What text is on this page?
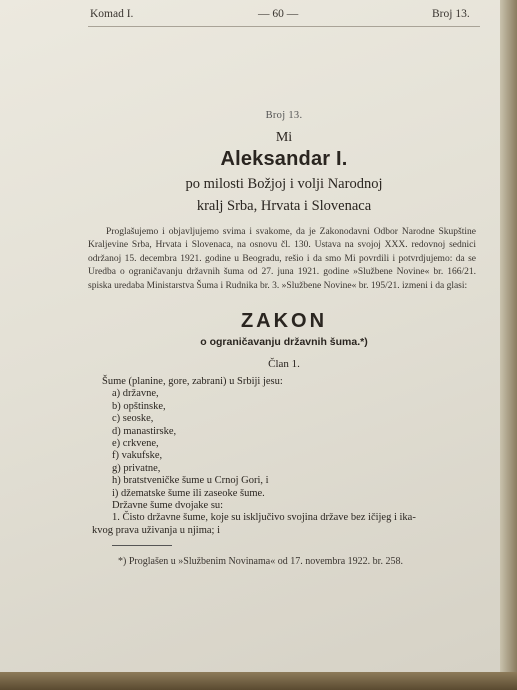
Komad I.	— 60 —	Broj 13.
Broj 13.
Mi
Aleksandar I.
po milosti Božjoj i volji Narodnoj
kralj Srba, Hrvata i Slovenaca
Proglašujemo i objavljujemo svima i svakome, da je Zakonodavni Odbor Narodne Skupštine Kraljevine Srba, Hrvata i Slovenaca, na osnovu čl. 130. Ustava na svojoj XXX. redovnoj sednici održanoj 15. decembra 1921. godine u Beogradu, rešio i da smo Mi povrdili i potvrdjujemo: da se Uredba o ograničavanju državnih šuma od 27. juna 1921. godine »Službene Novine« br. 166/21. spiska uredaba Ministarstva Šuma i Rudnika br. 3. »Službene Novine« br. 195/21. izmeni i da glasi:
ZAKON
o ograničavanju državnih šuma.*)
Član 1.
Šume (planine, gore, zabrani) u Srbiji jesu:
a) državne,
b) opštinske,
c) seoske,
d) manastirske,
e) crkvene,
f) vakufske,
g) privatne,
h) bratstveničke šume u Crnoj Gori, i
i) džematske šume ili zaseoke šume.
Državne šume dvojake su:
1. Čisto državne šume, koje su isključivo svojina države bez ičijeg i ika-
kvog prava uživanja u njima; i
*) Proglašen u »Službenim Novinama« od 17. novembra 1922. br. 258.
